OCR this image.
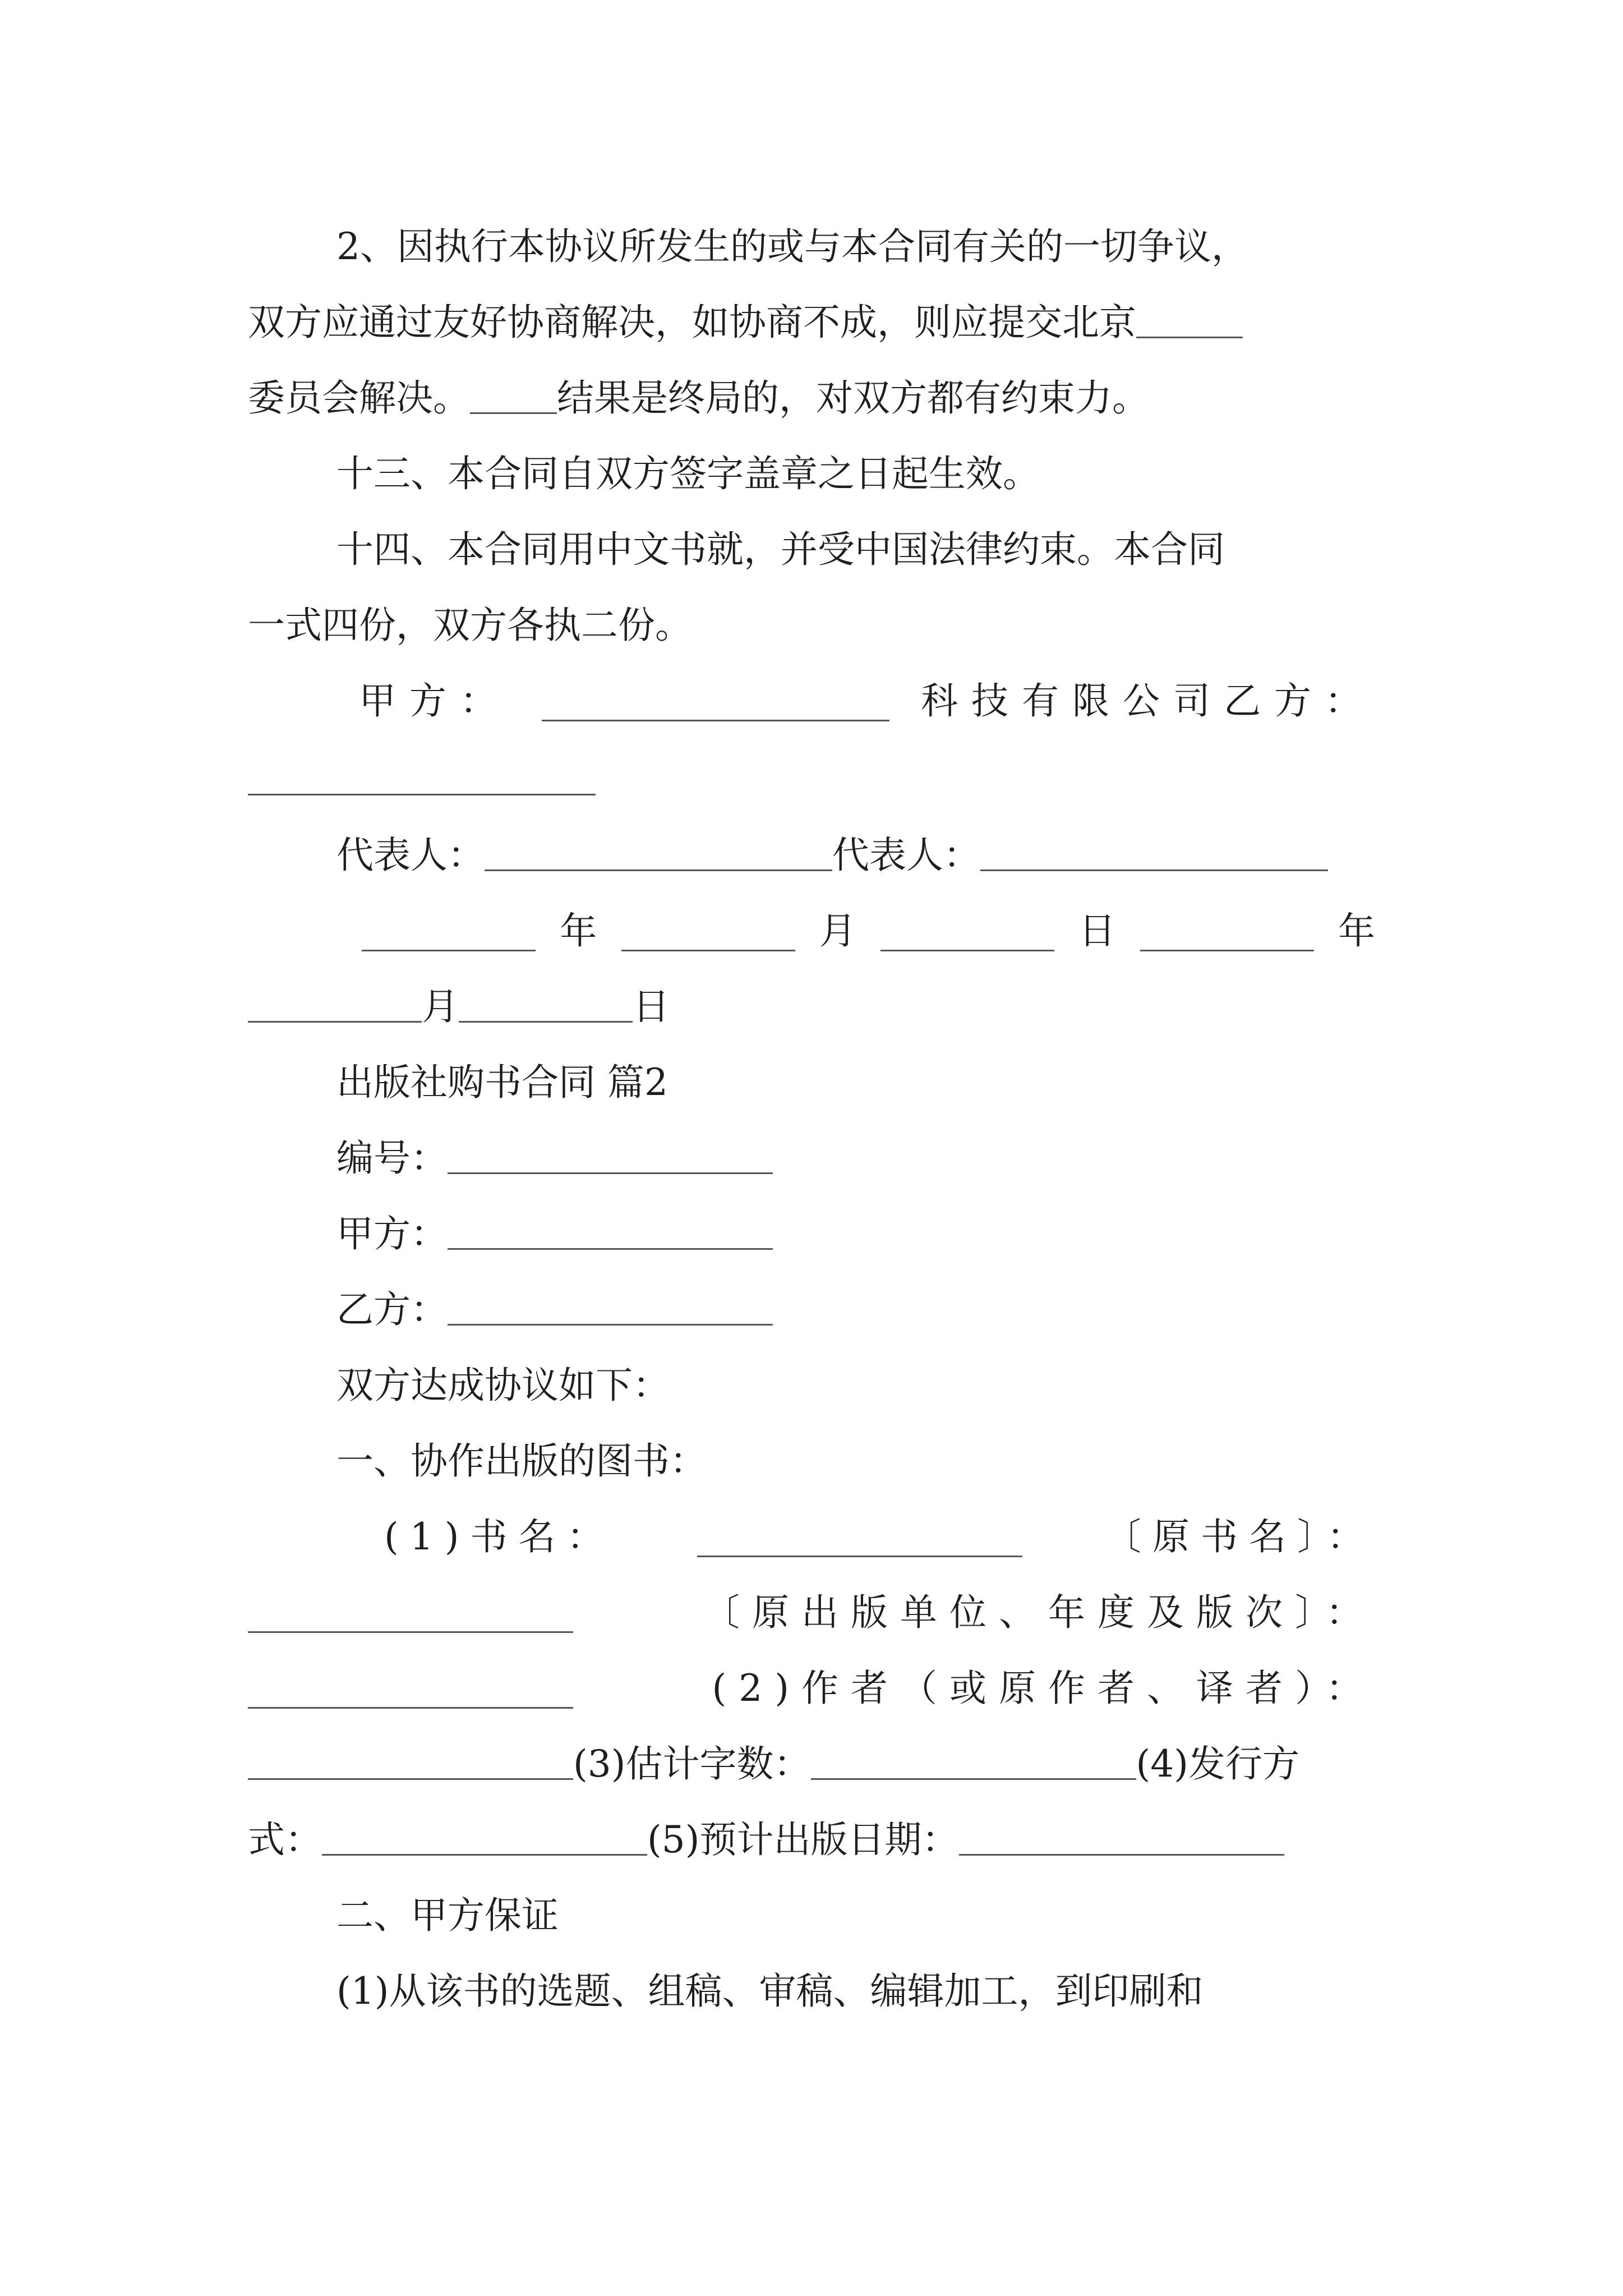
2、因执行本协议所发生的或与本合同有关的一切争议，
双方应通过友好协商解决，如协商不成，则应提交北京
委员会解决。 结果是终局的，对双方都有约束力。
十三、本合同自双方签字盖章之日起生效。
十四、本合同用中文书就，并受中国法律约束。本合同
一式四份，双方各执二份。
甲方：	科技有限公司乙方：
代表人：	代表人：
年	月	日	年
月	日
出版社购书合同 篇2
编号：
甲方：
乙方：
双方达成协议如下：
一、协作出版的图书：
(1)书名：	〔原书名〕：
〔原出版单位、年度及版次〕：
(2)作者（或原作者、译者）：
(3)估计字数：	(4)发行方
式：	(5)预计出版日期：
二、甲方保证
(1)从该书的选题、组稿、审稿、编辑加工，到印刷和
